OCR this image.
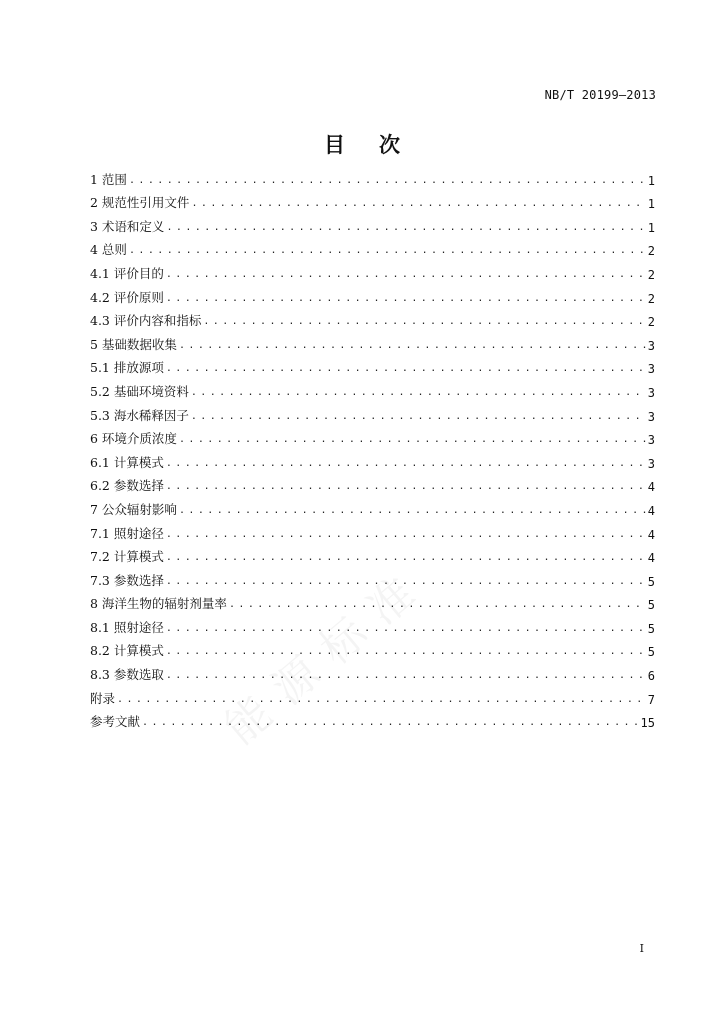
NB/T 20199—2013
目次
1 范围 . . .	1
2 规范性引用文件 . . .	1
3 术语和定义 . . .	1
4 总则 . . .	2
4.1 评价目的 . . .	2
4.2 评价原则 . . .	2
4.3 评价内容和指标 . . .	2
5 基础数据收集 . . .	3
5.1 排放源项 . . .	3
5.2 基础环境资料 . . .	3
5.3 海水稀释因子 . . .	3
6 环境介质浓度 . . .	3
6.1 计算模式 . . .	3
6.2 参数选择 . . .	4
7 公众辐射影响 . . .	4
7.1 照射途径 . . .	4
7.2 计算模式 . . .	4
7.3 参数选择 . . .	5
8 海洋生物的辐射剂量率 . . .	5
8.1 照射途径 . . .	5
8.2 计算模式 . . .	5
8.3 参数选取 . . .	6
附录 . . .	7
参考文献 . . .	15
I
